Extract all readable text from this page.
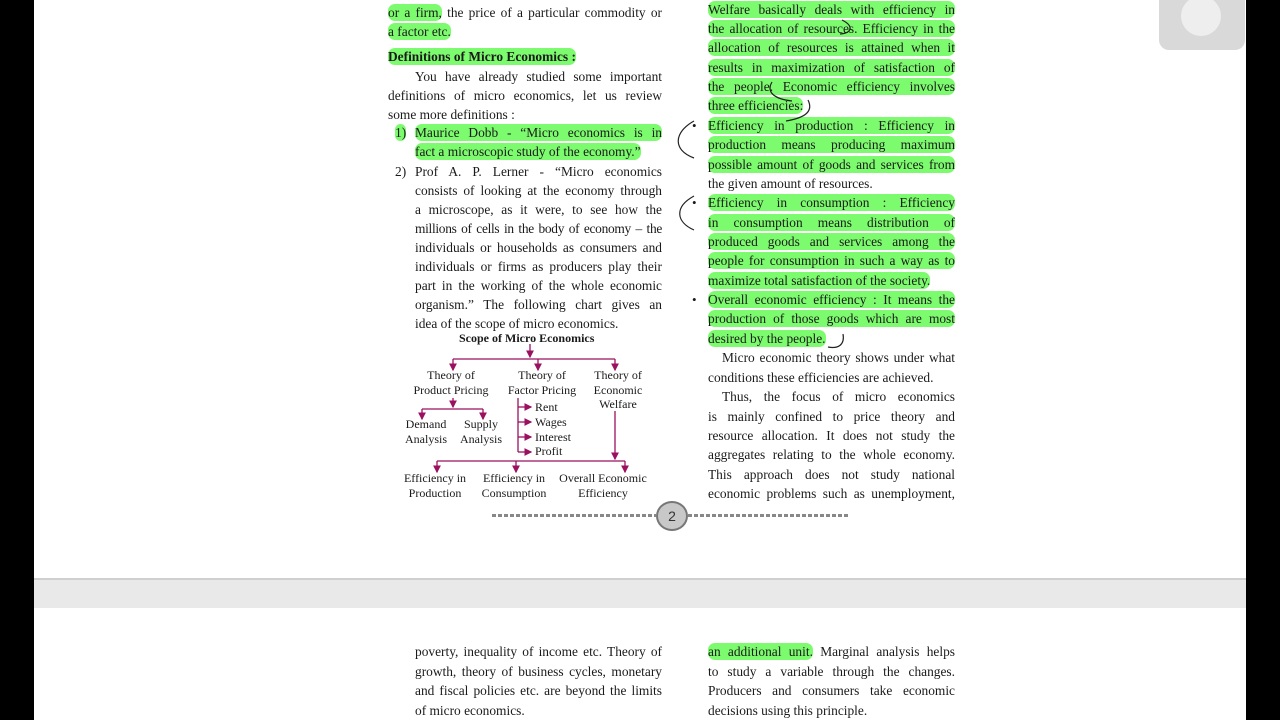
or a firm, the price of a particular commodity or
a factor etc.
Definitions of Micro Economics :
You have already studied some important
definitions of micro economics, let us review
some more definitions :
1) Maurice Dobb - “Micro economics is in
fact a microscopic study of the economy.”
2) Prof A. P. Lerner - “Micro economics
consists of looking at the economy through
a microscope, as it were, to see how the
millions of cells in the body of economy – the
individuals or households as consumers and
individuals or firms as producers play their
part in the working of the whole economic
organism.” The following chart gives an
idea of the scope of micro economics.
Scope of Micro Economics
Theory of
Product Pricing
Theory of
Factor Pricing
Theory of
Economic
Welfare
Demand
Analysis
Supply
Analysis
Rent
Wages
Interest
Profit
Efficiency in
Production
Efficiency in
Consumption
Overall Economic
Efficiency
Welfare basically deals with efficiency in
the allocation of resources. Efficiency in the
allocation of resources is attained when it
results in maximization of satisfaction of
the people. Economic efficiency involves
three efficiencies:
• Efficiency in production : Efficiency in
production means producing maximum
possible amount of goods and services from
the given amount of resources.
• Efficiency in consumption : Efficiency
in consumption means distribution of
produced goods and services among the
people for consumption in such a way as to
maximize total satisfaction of the society.
• Overall economic efficiency : It means the
production of those goods which are most
desired by the people.
Micro economic theory shows under what
conditions these efficiencies are achieved.
Thus, the focus of micro economics
is mainly confined to price theory and
resource allocation. It does not study the
aggregates relating to the whole economy.
This approach does not study national
economic problems such as unemployment,
2
poverty, inequality of income etc. Theory of
growth, theory of business cycles, monetary
and fiscal policies etc. are beyond the limits
of micro economics.
an additional unit. Marginal analysis helps
to study a variable through the changes.
Producers and consumers take economic
decisions using this principle.
